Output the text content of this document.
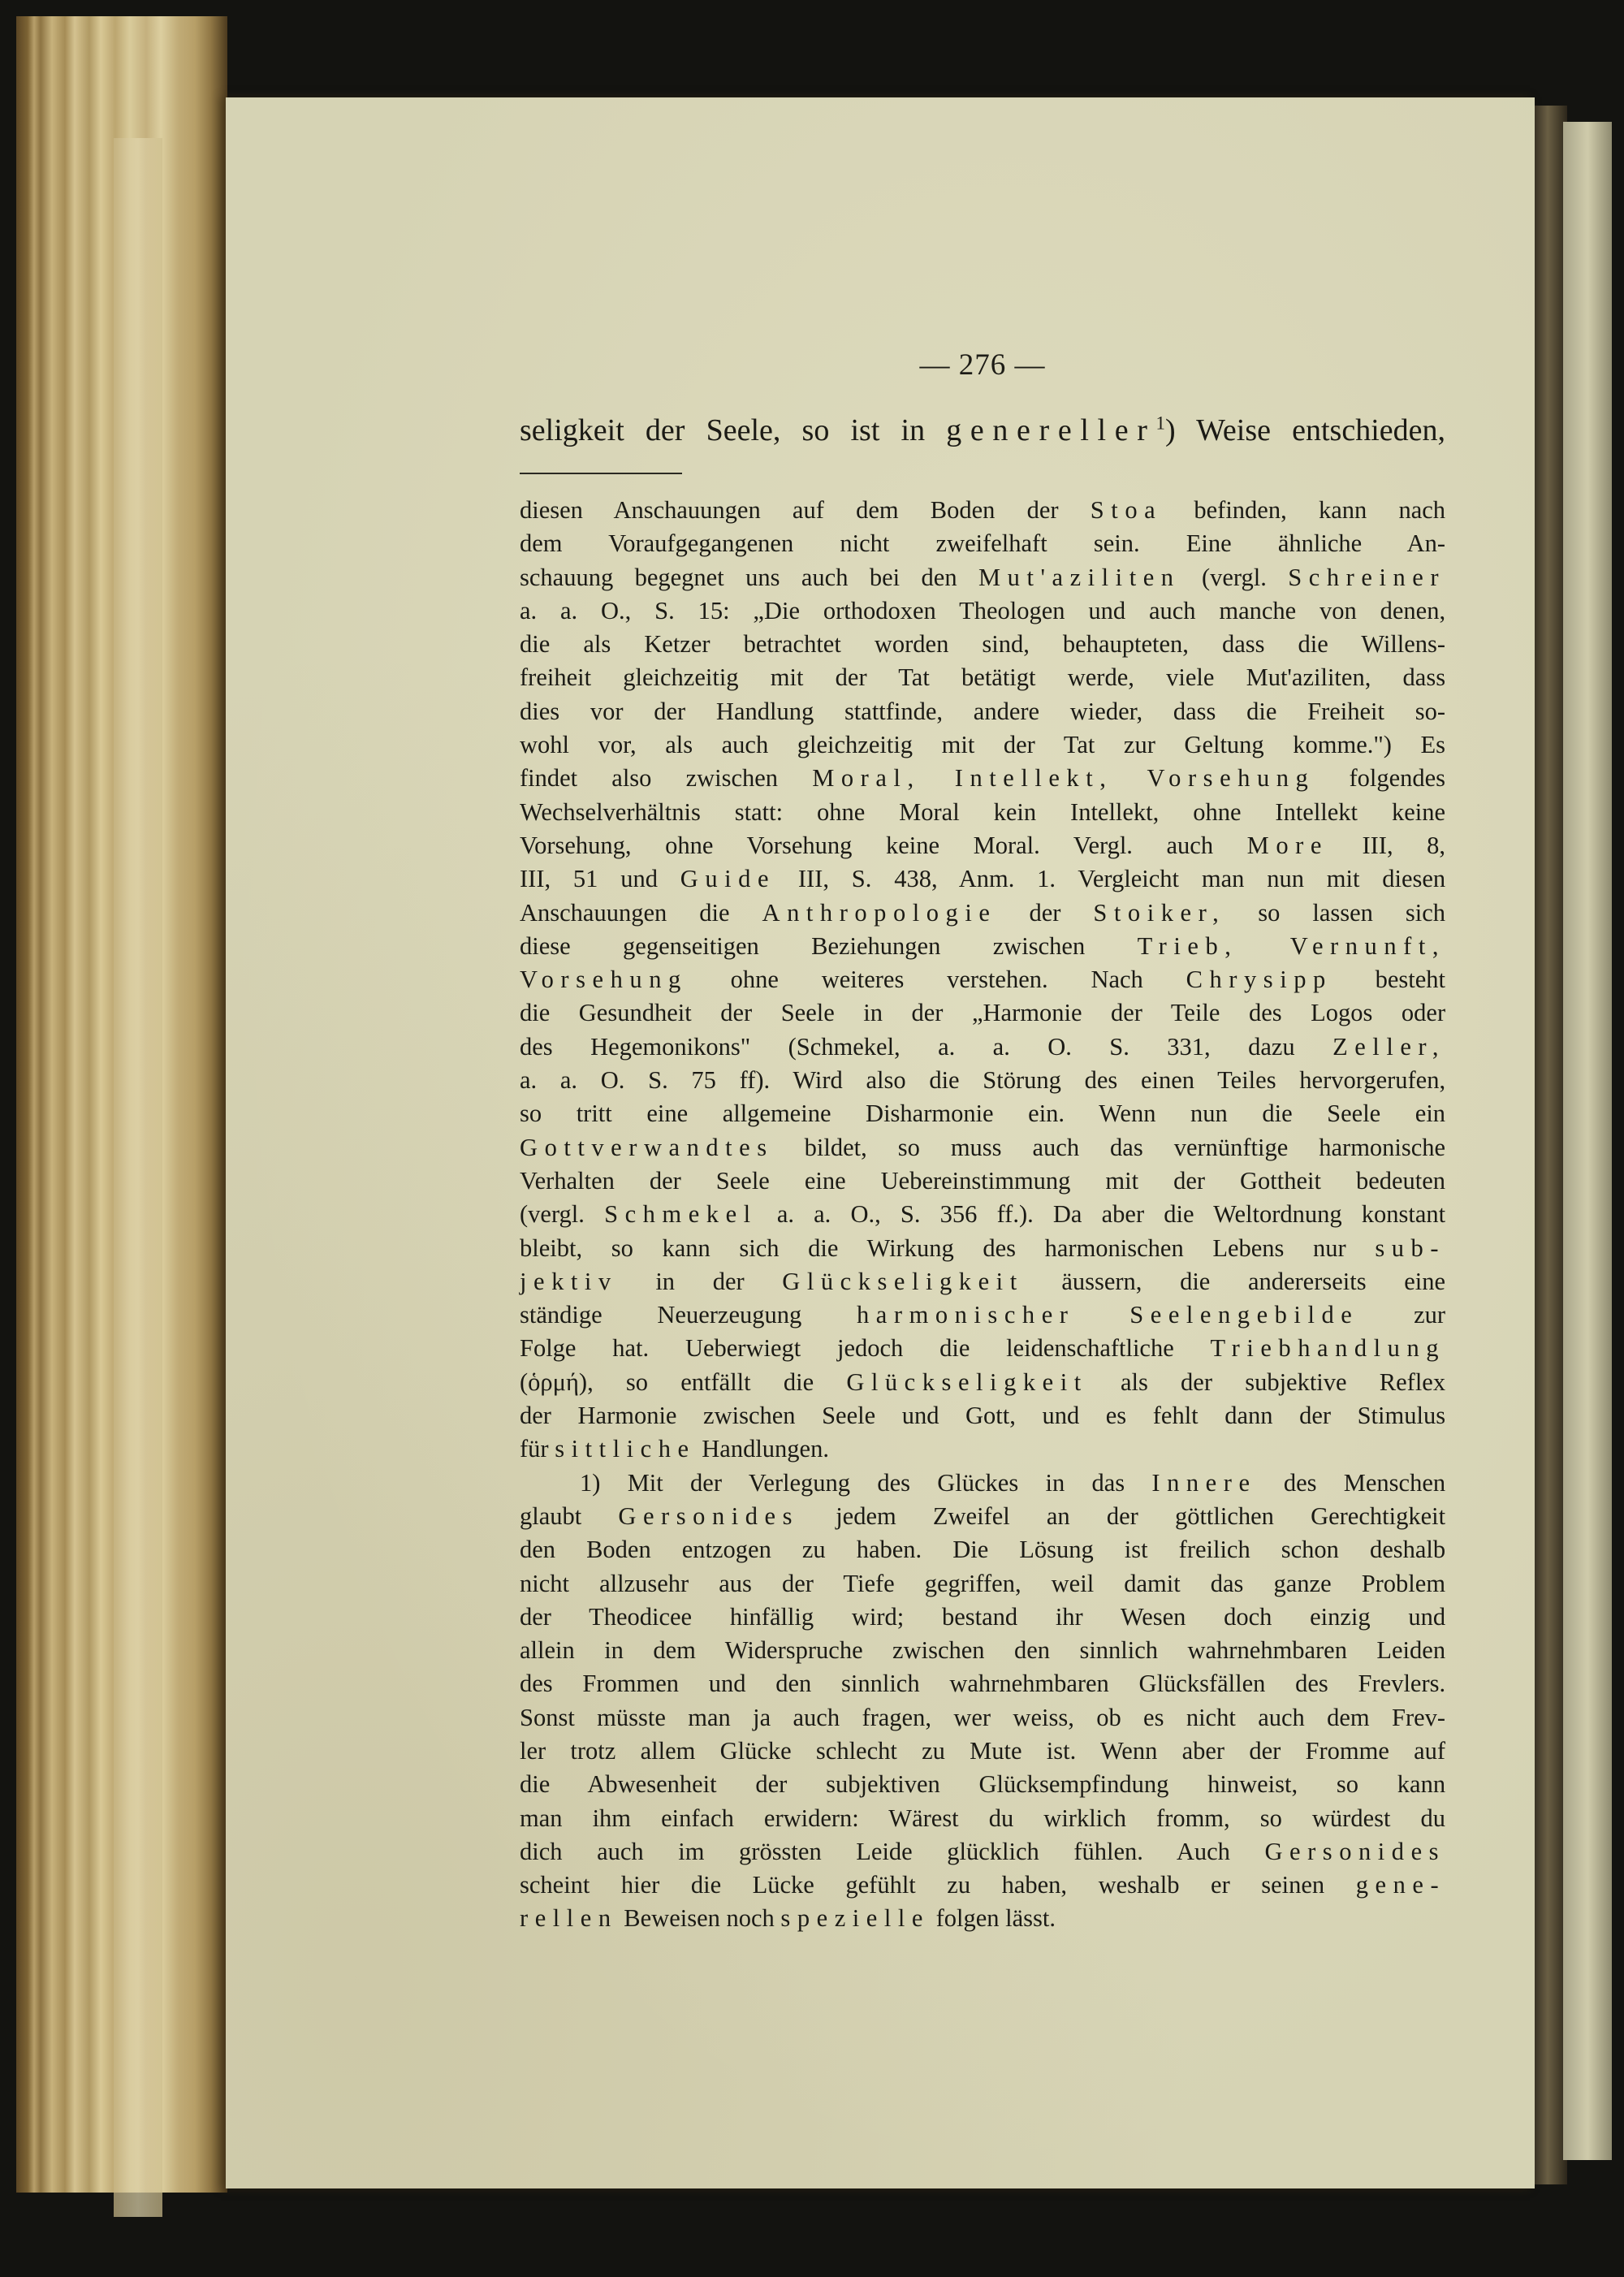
— 276 —
seligkeit der Seele, so ist in genereller$^1$) Weise entschieden,
diesen Anschauungen auf dem Boden der Stoa befinden, kann nach
dem Voraufgegangenen nicht zweifelhaft sein. Eine ähnliche An-
schauung begegnet uns auch bei den Mut'aziliten (vergl. Schreiner
a. a. O., S. 15: „Die orthodoxen Theologen und auch manche von denen,
die als Ketzer betrachtet worden sind, behaupteten, dass die Willens-
freiheit gleichzeitig mit der Tat betätigt werde, viele Mut'aziliten, dass
dies vor der Handlung stattfinde, andere wieder, dass die Freiheit so-
wohl vor, als auch gleichzeitig mit der Tat zur Geltung komme.") Es
findet also zwischen Moral, Intellekt, Vorsehung folgendes
Wechselverhältnis statt: ohne Moral kein Intellekt, ohne Intellekt keine
Vorsehung, ohne Vorsehung keine Moral. Vergl. auch More III, 8,
III, 51 und Guide III, S. 438, Anm. 1. Vergleicht man nun mit diesen
Anschauungen die Anthropologie der Stoiker, so lassen sich
diese gegenseitigen Beziehungen zwischen Trieb, Vernunft,
Vorsehung ohne weiteres verstehen. Nach Chrysipp besteht
die Gesundheit der Seele in der „Harmonie der Teile des Logos oder
des Hegemonikons" (Schmekel, a. a. O. S. 331, dazu Zeller,
a. a. O. S. 75 ff). Wird also die Störung des einen Teiles hervorgerufen,
so tritt eine allgemeine Disharmonie ein. Wenn nun die Seele ein
Gottverwandtes bildet, so muss auch das vernünftige harmonische
Verhalten der Seele eine Uebereinstimmung mit der Gottheit bedeuten
(vergl. Schmekel a. a. O., S. 356 ff.). Da aber die Weltordnung konstant
bleibt, so kann sich die Wirkung des harmonischen Lebens nur sub-
jektiv in der Glückseligkeit äussern, die andererseits eine
ständige Neuerzeugung harmonischer Seelengebilde zur
Folge hat. Ueberwiegt jedoch die leidenschaftliche Triebhandlung
(ὁρμή), so entfällt die Glückseligkeit als der subjektive Reflex
der Harmonie zwischen Seele und Gott, und es fehlt dann der Stimulus
für sittliche Handlungen.
1) Mit der Verlegung des Glückes in das Innere des Menschen
glaubt Gersonides jedem Zweifel an der göttlichen Gerechtigkeit
den Boden entzogen zu haben. Die Lösung ist freilich schon deshalb
nicht allzusehr aus der Tiefe gegriffen, weil damit das ganze Problem
der Theodicee hinfällig wird; bestand ihr Wesen doch einzig und
allein in dem Widerspruche zwischen den sinnlich wahrnehmbaren Leiden
des Frommen und den sinnlich wahrnehmbaren Glücksfällen des Frevlers.
Sonst müsste man ja auch fragen, wer weiss, ob es nicht auch dem Frev-
ler trotz allem Glücke schlecht zu Mute ist. Wenn aber der Fromme auf
die Abwesenheit der subjektiven Glücksempfindung hinweist, so kann
man ihm einfach erwidern: Wärest du wirklich fromm, so würdest du
dich auch im grössten Leide glücklich fühlen. Auch Gersonides
scheint hier die Lücke gefühlt zu haben, weshalb er seinen gene-
rellen Beweisen noch spezielle folgen lässt.
